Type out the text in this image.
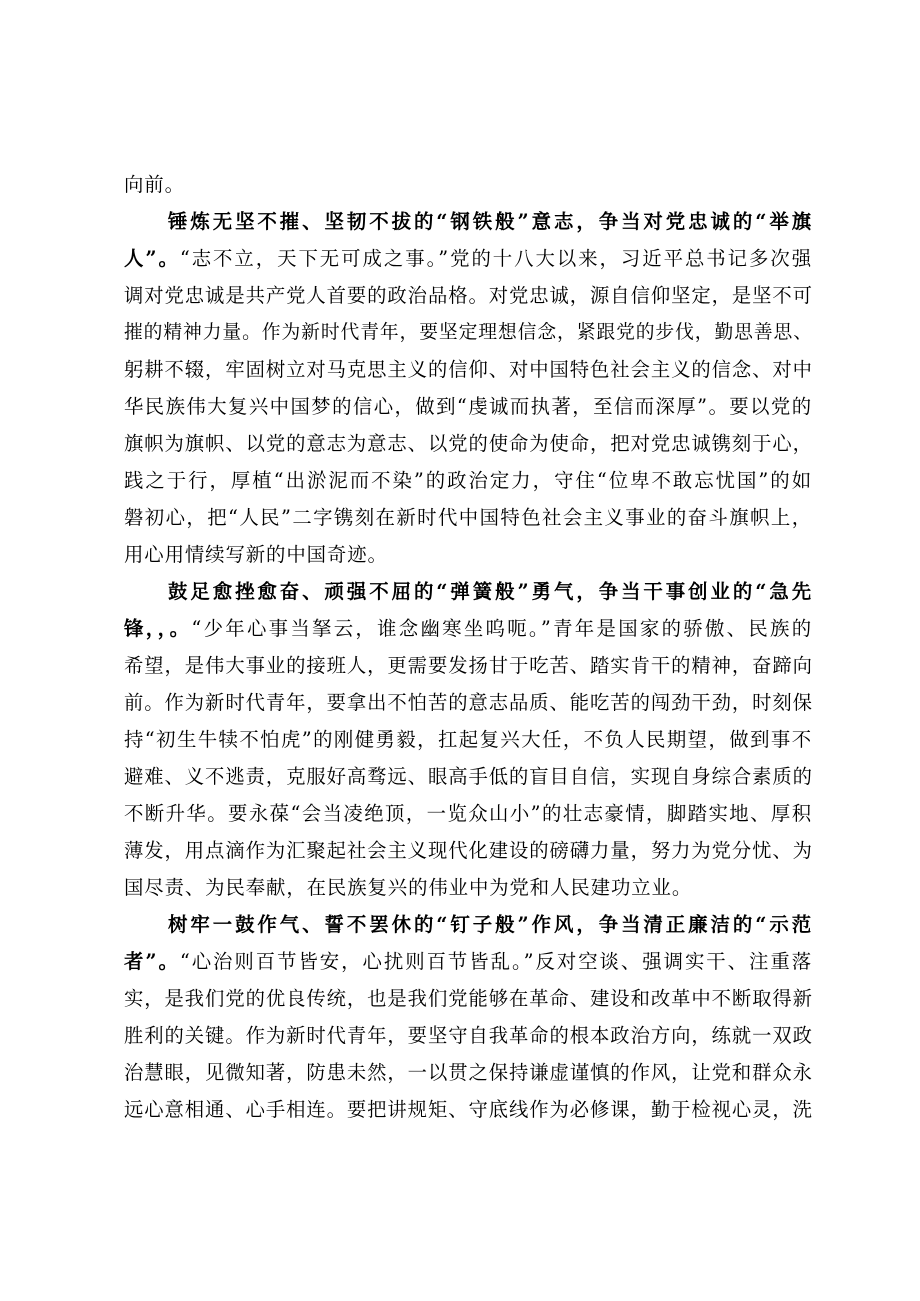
向前。
锤炼无坚不摧、坚韧不拔的“钢铁般”意志，争当对党忠诚的“举旗
人”。“志不立，天下无可成之事。”党的十八大以来，习近平总书记多次强
调对党忠诚是共产党人首要的政治品格。对党忠诚，源自信仰坚定，是坚不可
摧的精神力量。作为新时代青年，要坚定理想信念，紧跟党的步伐，勤思善思、
躬耕不辍，牢固树立对马克思主义的信仰、对中国特色社会主义的信念、对中
华民族伟大复兴中国梦的信心，做到“虔诚而执著，至信而深厚”。要以党的
旗帜为旗帜、以党的意志为意志、以党的使命为使命，把对党忠诚镌刻于心，
践之于行，厚植“出淤泥而不染”的政治定力，守住“位卑不敢忘忧国”的如
磐初心，把“人民”二字镌刻在新时代中国特色社会主义事业的奋斗旗帜上，
用心用情续写新的中国奇迹。
鼓足愈挫愈奋、顽强不屈的“弹簧般”勇气，争当干事创业的“急先
锋，，。“少年心事当拏云，谁念幽寒坐呜呃。”青年是国家的骄傲、民族的
希望，是伟大事业的接班人，更需要发扬甘于吃苦、踏实肯干的精神，奋蹄向
前。作为新时代青年，要拿出不怕苦的意志品质、能吃苦的闯劲干劲，时刻保
持“初生牛犊不怕虎”的刚健勇毅，扛起复兴大任，不负人民期望，做到事不
避难、义不逃责，克服好高骛远、眼高手低的盲目自信，实现自身综合素质的
不断升华。要永葆“会当凌绝顶，一览众山小”的壮志豪情，脚踏实地、厚积
薄发，用点滴作为汇聚起社会主义现代化建设的磅礴力量，努力为党分忧、为
国尽责、为民奉献，在民族复兴的伟业中为党和人民建功立业。
树牢一鼓作气、誓不罢休的“钉子般”作风，争当清正廉洁的“示范
者”。“心治则百节皆安，心扰则百节皆乱。”反对空谈、强调实干、注重落
实，是我们党的优良传统，也是我们党能够在革命、建设和改革中不断取得新
胜利的关键。作为新时代青年，要坚守自我革命的根本政治方向，练就一双政
治慧眼，见微知著，防患未然，一以贯之保持谦虚谨慎的作风，让党和群众永
远心意相通、心手相连。要把讲规矩、守底线作为必修课，勤于检视心灵，洗
